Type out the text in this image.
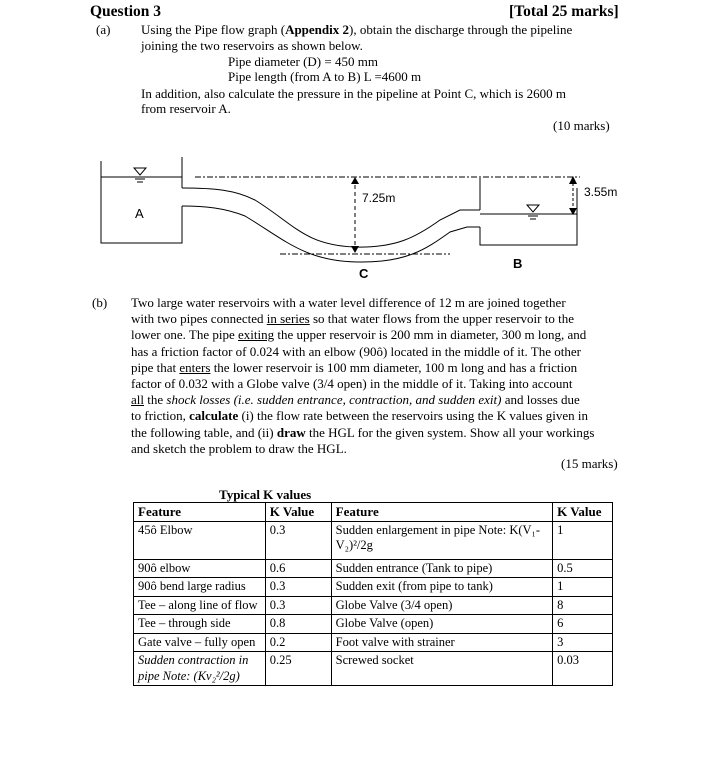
Question 3	[Total 25 marks]
(a) Using the Pipe flow graph (Appendix 2), obtain the discharge through the pipeline
joining the two reservoirs as shown below.
Pipe diameter (D) = 450 mm
Pipe length (from A to B) L =4600 m
In addition, also calculate the pressure in the pipeline at Point C, which is 2600 m
from reservoir A.
(10 marks)
A
B
C
7.25m	3.55m
(b) Two large water reservoirs with a water level difference of 12 m are joined together
with two pipes connected in series so that water flows from the upper reservoir to the
lower one. The pipe exiting the upper reservoir is 200 mm in diameter, 300 m long, and
has a friction factor of 0.024 with an elbow (90ô) located in the middle of it. The other
pipe that enters the lower reservoir is 100 mm diameter, 100 m long and has a friction
factor of 0.032 with a Globe valve (3/4 open) in the middle of it. Taking into account
all the shock losses (i.e. sudden entrance, contraction, and sudden exit) and losses due
to friction, calculate (i) the flow rate between the reservoirs using the K values given in
the following table, and (ii) draw the HGL for the given system. Show all your workings
and sketch the problem to draw the HGL.
(15 marks)
Typical K values
Feature	K Value	Feature	K Value
45ô Elbow	0.3	Sudden enlargement in pipe Note: K(V₁-V₂)²/2g	1
90ô elbow	0.6	Sudden entrance (Tank to pipe)	0.5
90ô bend large radius	0.3	Sudden exit (from pipe to tank)	1
Tee – along line of flow	0.3	Globe Valve (3/4 open)	8
Tee – through side	0.8	Globe Valve (open)	6
Gate valve – fully open	0.2	Foot valve with strainer	3
Sudden contraction in pipe Note: (Kv₂²/2g)	0.25	Screwed socket	0.03
